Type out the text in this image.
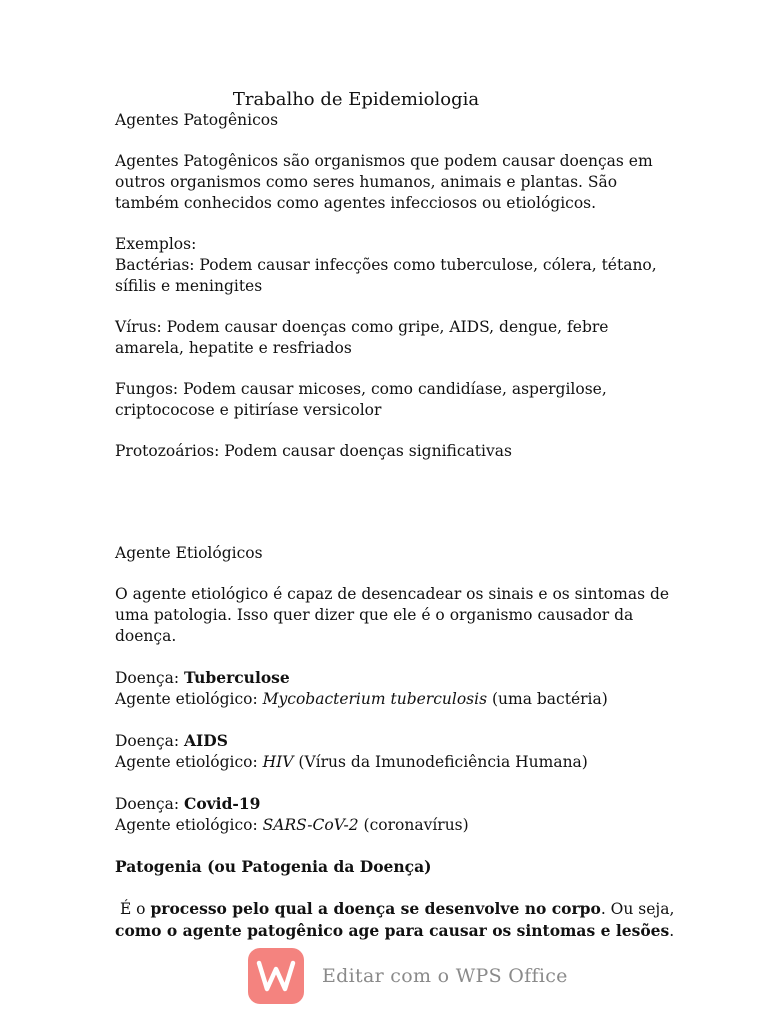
Trabalho de Epidemiologia

Agentes Patogênicos

Agentes Patogênicos são organismos que podem causar doenças em outros organismos como seres humanos, animais e plantas. São também conhecidos como agentes infecciosos ou etiológicos.

Exemplos:

Bactérias: Podem causar infecções como tuberculose, cólera, tétano, sífilis e meningites

Vírus: Podem causar doenças como gripe, AIDS, dengue, febre amarela, hepatite e resfriados

Fungos: Podem causar micoses, como candidíase, aspergilose, criptococose e pitiríase versicolor

Protozoários: Podem causar doenças significativas

Agente Etiológicos

O agente etiológico é capaz de desencadear os sinais e os sintomas de uma patologia. Isso quer dizer que ele é o organismo causador da doença.

Doença: Tuberculose

Agente etiológico: Mycobacterium tuberculosis (uma bactéria)

Doença: AIDS

Agente etiológico: HIV (Vírus da Imunodeficiência Humana)

Doença: Covid-19

Agente etiológico: SARS-CoV-2 (coronavírus)

Patogenia (ou Patogenia da Doença)

É o processo pelo qual a doença se desenvolve no corpo. Ou seja, como o agente patogênico age para causar os sintomas e lesões.

Editar com o WPS Office
